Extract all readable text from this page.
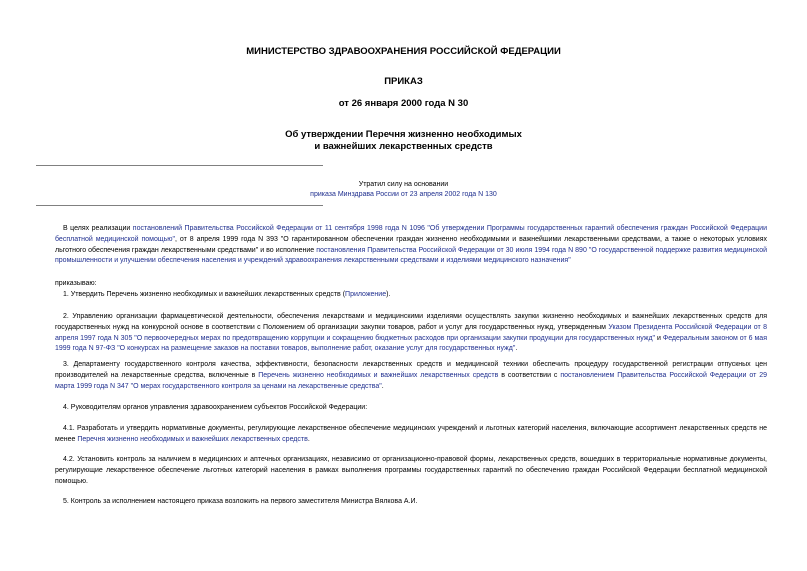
МИНИСТЕРСТВО ЗДРАВООХРАНЕНИЯ РОССИЙСКОЙ ФЕДЕРАЦИИ
ПРИКАЗ
от 26 января 2000 года N 30
Об утверждении Перечня жизненно необходимых
и важнейших лекарственных средств
Утратил силу на основании
приказа Минздрава России от 23 апреля 2002 года N 130
В целях реализации постановлений Правительства Российской Федерации от 11 сентября 1998 года N 1096 "Об утверждении Программы государственных гарантий обеспечения граждан Российской Федерации бесплатной медицинской помощью", от 8 апреля 1999 года N 393 "О гарантированном обеспечении граждан жизненно необходимыми и важнейшими лекарственными средствами, а также о некоторых условиях льготного обеспечения граждан лекарственными средствами" и во исполнение постановления Правительства Российской Федерации от 30 июля 1994 года N 890 "О государственной поддержке развития медицинской промышленности и улучшении обеспечения населения и учреждений здравоохранения лекарственными средствами и изделиями медицинского назначения"
приказываю:
1. Утвердить Перечень жизненно необходимых и важнейших лекарственных средств (Приложение).
2. Управлению организации фармацевтической деятельности, обеспечения лекарствами и медицинскими изделиями осуществлять закупки жизненно необходимых и важнейших лекарственных средств для государственных нужд на конкурсной основе в соответствии с Положением об организации закупки товаров, работ и услуг для государственных нужд, утвержденным Указом Президента Российской Федерации от 8 апреля 1997 года N 305 "О первоочередных мерах по предотвращению коррупции и сокращению бюджетных расходов при организации закупки продукции для государственных нужд" и Федеральным законом от 6 мая 1999 года N 97-ФЗ "О конкурсах на размещение заказов на поставки товаров, выполнение работ, оказание услуг для государственных нужд".
3. Департаменту государственного контроля качества, эффективности, безопасности лекарственных средств и медицинской техники обеспечить процедуру государственной регистрации отпускных цен производителей на лекарственные средства, включенные в Перечень жизненно необходимых и важнейших лекарственных средств в соответствии с постановлением Правительства Российской Федерации от 29 марта 1999 года N 347 "О мерах государственного контроля за ценами на лекарственные средства".
4. Руководителям органов управления здравоохранением субъектов Российской Федерации:
4.1. Разработать и утвердить нормативные документы, регулирующие лекарственное обеспечение медицинских учреждений и льготных категорий населения, включающие ассортимент лекарственных средств не менее Перечня жизненно необходимых и важнейших лекарственных средств.
4.2. Установить контроль за наличием в медицинских и аптечных организациях, независимо от организационно-правовой формы, лекарственных средств, вошедших в территориальные нормативные документы, регулирующие лекарственное обеспечение льготных категорий населения в рамках выполнения программы государственных гарантий по обеспечению граждан Российской Федерации бесплатной медицинской помощью.
5. Контроль за исполнением настоящего приказа возложить на первого заместителя Министра Вялкова А.И.
